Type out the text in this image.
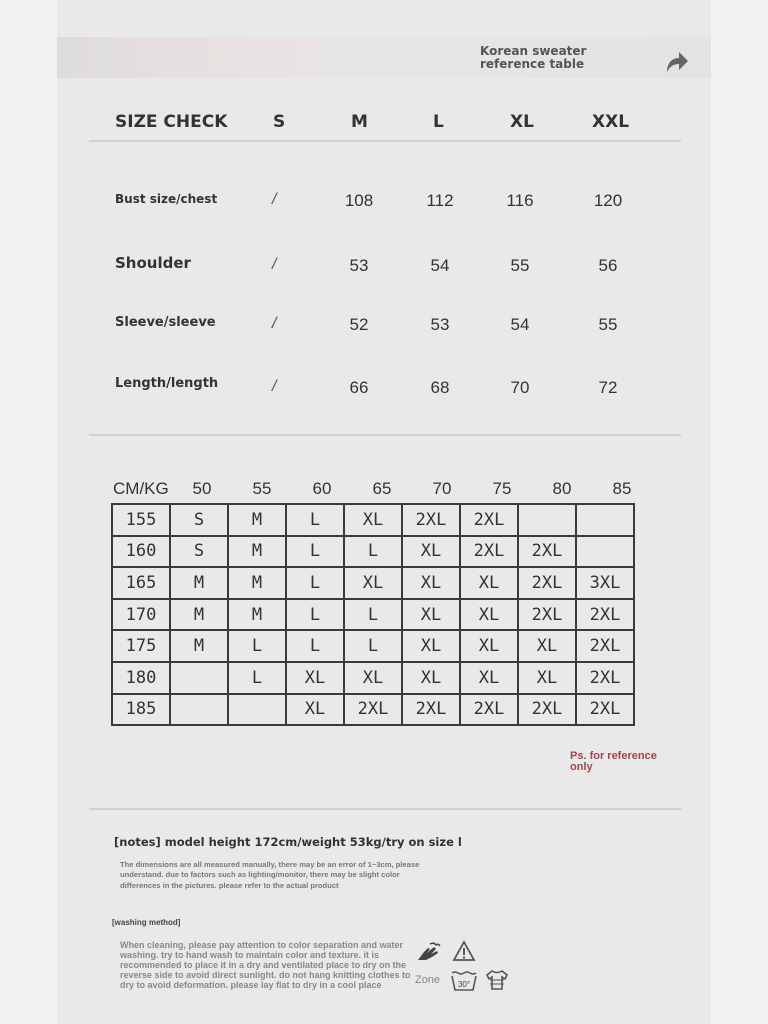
Korean sweater reference table
SIZE CHECK	S	M	L	XL	XXL
Bust size/chest	/	108	112	116	120
Shoulder	/	53	54	55	56
Sleeve/sleeve	/	52	53	54	55
Length/length	/	66	68	70	72
CM/KG	50	55	60	65	70	75	80	85
155	S	M	L	XL	2XL	2XL		
160	S	M	L	L	XL	2XL	2XL	
165	M	M	L	XL	XL	XL	2XL	3XL
170	M	M	L	L	XL	XL	2XL	2XL
175	M	L	L	L	XL	XL	XL	2XL
180		L	XL	XL	XL	XL	XL	2XL
185			XL	2XL	2XL	2XL	2XL	2XL
Ps. for reference only
[notes] model height 172cm/weight 53kg/try on size l
The dimensions are all measured manually, there may be an error of 1~3cm, please understand. due to factors such as lighting/monitor, there may be slight color differences in the pictures. please refer to the actual product
[washing method]
When cleaning, please pay attention to color separation and water washing. try to hand wash to maintain color and texture. it is recommended to place it in a dry and ventilated place to dry on the reverse side to avoid direct sunlight. do not hang knitting clothes to dry to avoid deformation. please lay flat to dry in a cool place	Zone 30°
